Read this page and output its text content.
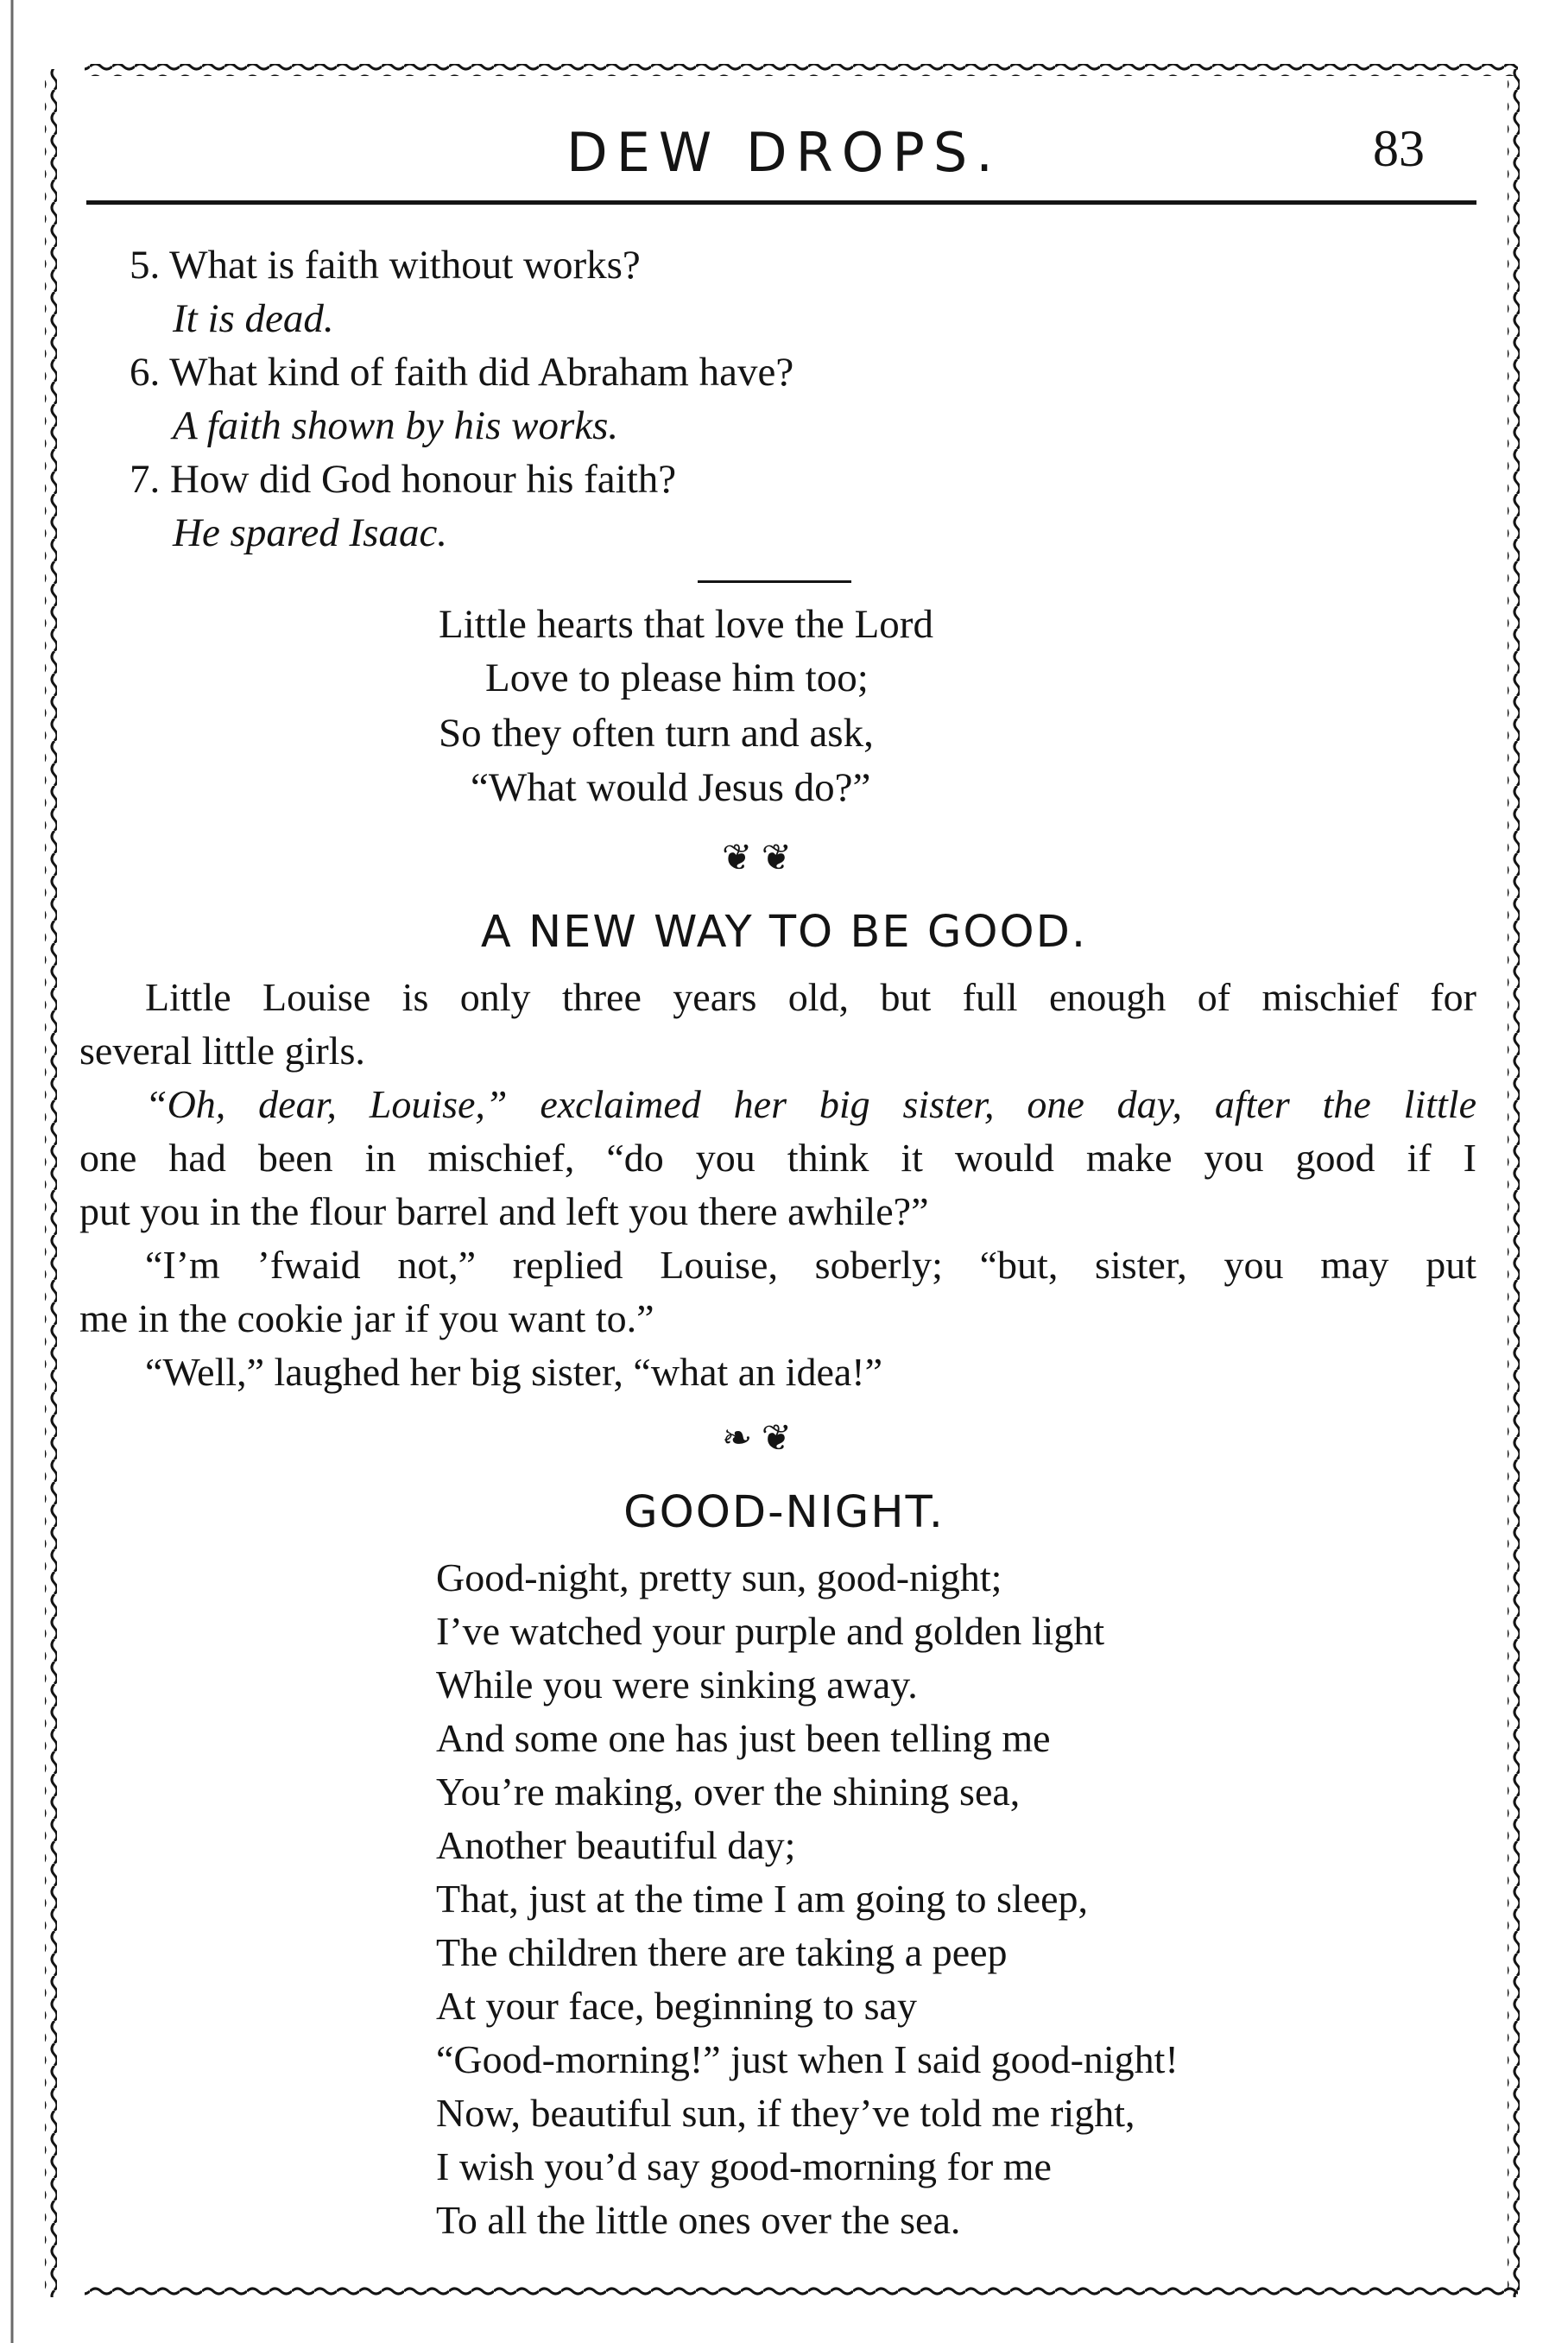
DEW DROPS.	83
5. What is faith without works?
It is dead.
6. What kind of faith did Abraham have?
A faith shown by his works.
7. How did God honour his faith?
He spared Isaac.
Little hearts that love the Lord
Love to please him too;
So they often turn and ask,
“What would Jesus do?”
❦ ❦
A NEW WAY TO BE GOOD.
Little Louise is only three years old, but full enough of mischief for
several little girls.
“Oh, dear, Louise,” exclaimed her big sister, one day, after the little
one had been in mischief, “do you think it would make you good if I
put you in the flour barrel and left you there awhile?”
“I’m ’fwaid not,” replied Louise, soberly; “but, sister, you may put
me in the cookie jar if you want to.”
“Well,” laughed her big sister, “what an idea!”
❧ ❦
GOOD-NIGHT.
Good-night, pretty sun, good-night;
I’ve watched your purple and golden light
While you were sinking away.
And some one has just been telling me
You’re making, over the shining sea,
Another beautiful day;
That, just at the time I am going to sleep,
The children there are taking a peep
At your face, beginning to say
“Good-morning!” just when I said good-night!
Now, beautiful sun, if they’ve told me right,
I wish you’d say good-morning for me
To all the little ones over the sea.
